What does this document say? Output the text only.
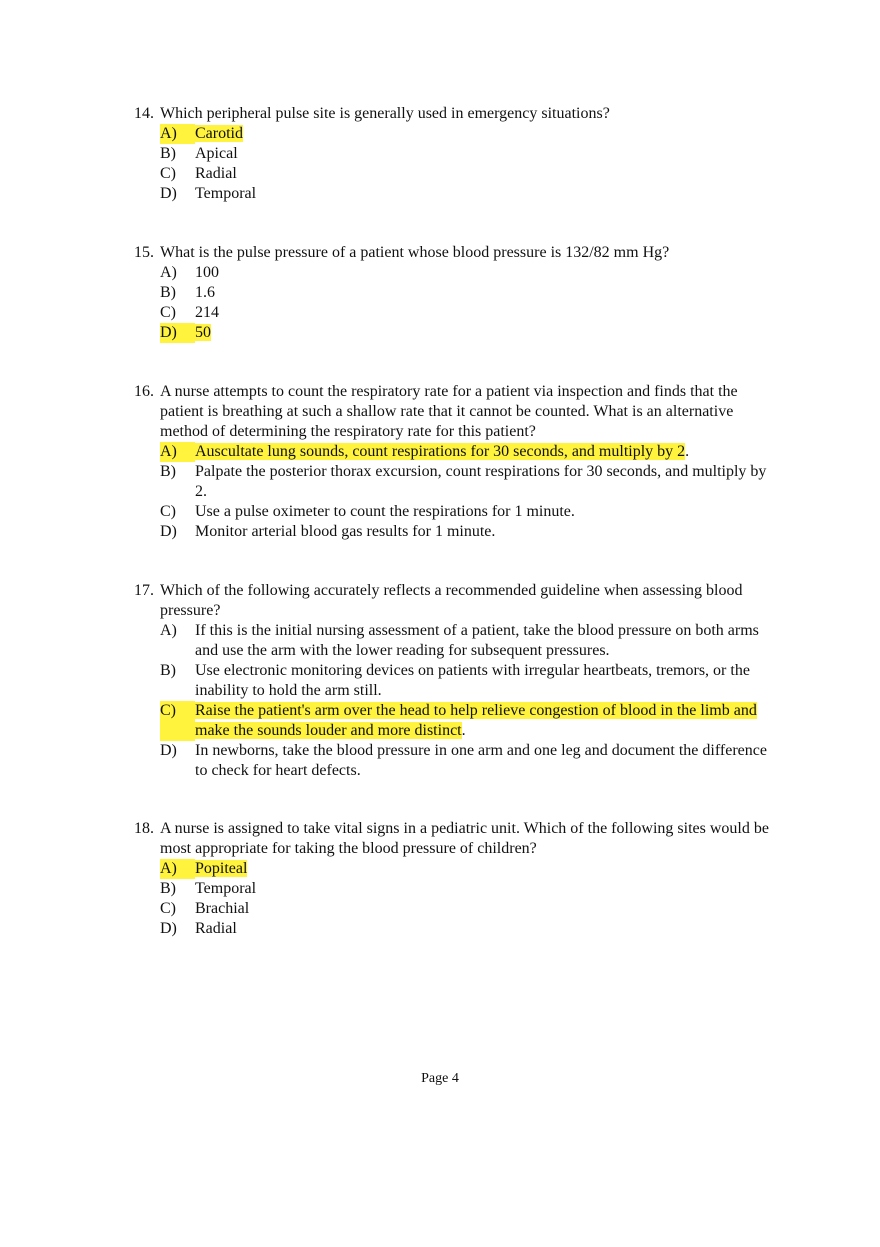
14. Which peripheral pulse site is generally used in emergency situations?
A)	Carotid
B)	Apical
C)	Radial
D)	Temporal
15. What is the pulse pressure of a patient whose blood pressure is 132/82 mm Hg?
A)	100
B)	1.6
C)	214
D)	50
16. A nurse attempts to count the respiratory rate for a patient via inspection and finds that the patient is breathing at such a shallow rate that it cannot be counted. What is an alternative method of determining the respiratory rate for this patient?
A)	Auscultate lung sounds, count respirations for 30 seconds, and multiply by 2.
B)	Palpate the posterior thorax excursion, count respirations for 30 seconds, and multiply by 2.
C)	Use a pulse oximeter to count the respirations for 1 minute.
D)	Monitor arterial blood gas results for 1 minute.
17. Which of the following accurately reflects a recommended guideline when assessing blood pressure?
A)	If this is the initial nursing assessment of a patient, take the blood pressure on both arms and use the arm with the lower reading for subsequent pressures.
B)	Use electronic monitoring devices on patients with irregular heartbeats, tremors, or the inability to hold the arm still.
C)	Raise the patient's arm over the head to help relieve congestion of blood in the limb and make the sounds louder and more distinct.
D)	In newborns, take the blood pressure in one arm and one leg and document the difference to check for heart defects.
18. A nurse is assigned to take vital signs in a pediatric unit. Which of the following sites would be most appropriate for taking the blood pressure of children?
A)	Popiteal
B)	Temporal
C)	Brachial
D)	Radial
Page 4
